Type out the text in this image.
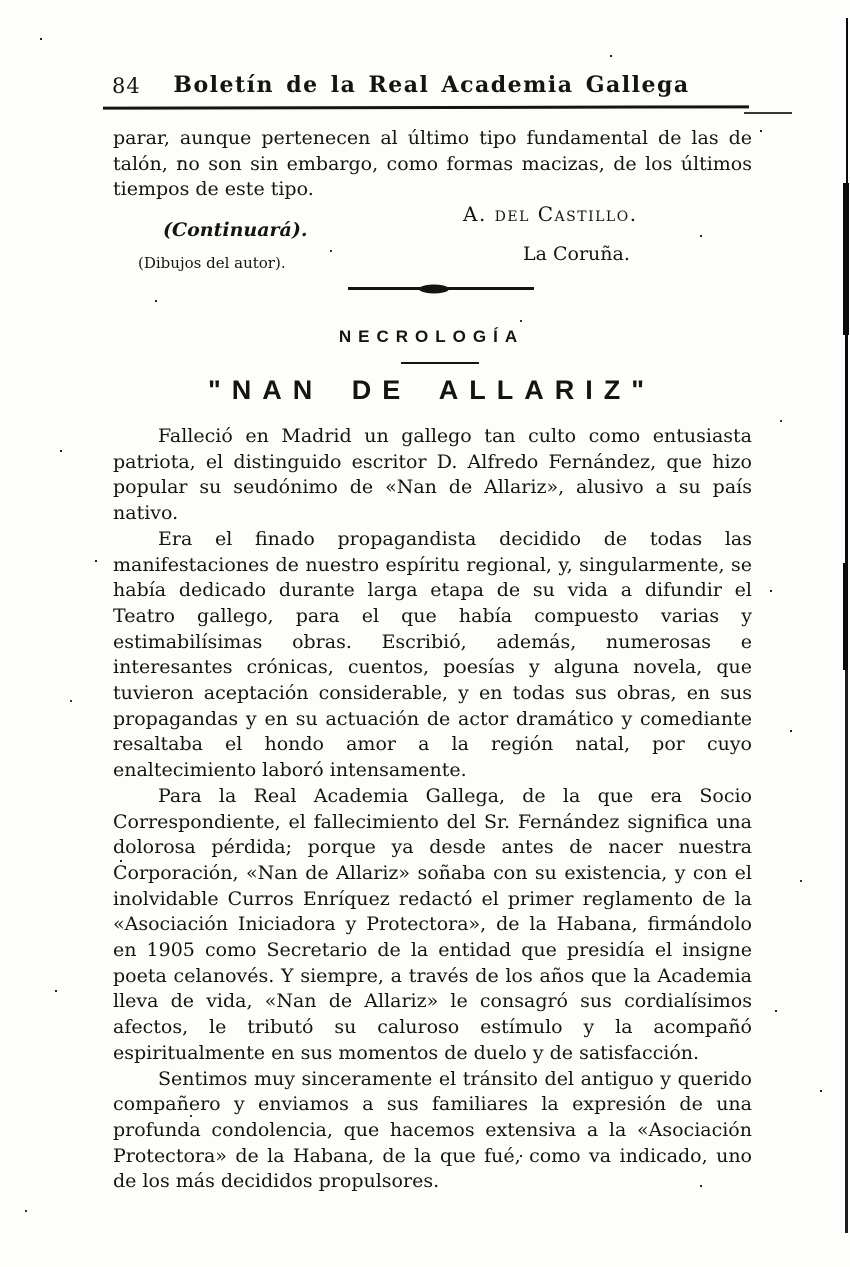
84	Boletín de la Real Academia Gallega

parar, aunque pertenecen al último tipo fundamental de las de talón, no son sin embargo, como formas macizas, de los últimos tiempos de este tipo.

(Continuará).
(Dibujos del autor).
A. del Castillo.
La Coruña.
NECROLOGÍA
"NAN DE ALLARIZ"

Falleció en Madrid un gallego tan culto como entusiasta patriota, el distinguido escritor D. Alfredo Fernández, que hizo popular su seudónimo de «Nan de Allariz», alusivo a su país nativo.

Era el finado propagandista decidido de todas las manifestaciones de nuestro espíritu regional, y, singularmente, se había dedicado durante larga etapa de su vida a difundir el Teatro gallego, para el que había compuesto varias y estimabilísimas obras. Escribió, además, numerosas e interesantes crónicas, cuentos, poesías y alguna novela, que tuvieron aceptación considerable, y en todas sus obras, en sus propagandas y en su actuación de actor dramático y comediante resaltaba el hondo amor a la región natal, por cuyo enaltecimiento laboró intensamente.

Para la Real Academia Gallega, de la que era Socio Correspondiente, el fallecimiento del Sr. Fernández significa una dolorosa pérdida; porque ya desde antes de nacer nuestra Corporación, «Nan de Allariz» soñaba con su existencia, y con el inolvidable Curros Enríquez redactó el primer reglamento de la «Asociación Iniciadora y Protectora», de la Habana, firmándolo en 1905 como Secretario de la entidad que presidía el insigne poeta celanovés. Y siempre, a través de los años que la Academia lleva de vida, «Nan de Allariz» le consagró sus cordialísimos afectos, le tributó su caluroso estímulo y la acompañó espiritualmente en sus momentos de duelo y de satisfacción.

Sentimos muy sinceramente el tránsito del antiguo y querido compañero y enviamos a sus familiares la expresión de una profunda condolencia, que hacemos extensiva a la «Asociación Protectora» de la Habana, de la que fué, como va indicado, uno de los más decididos propulsores.
